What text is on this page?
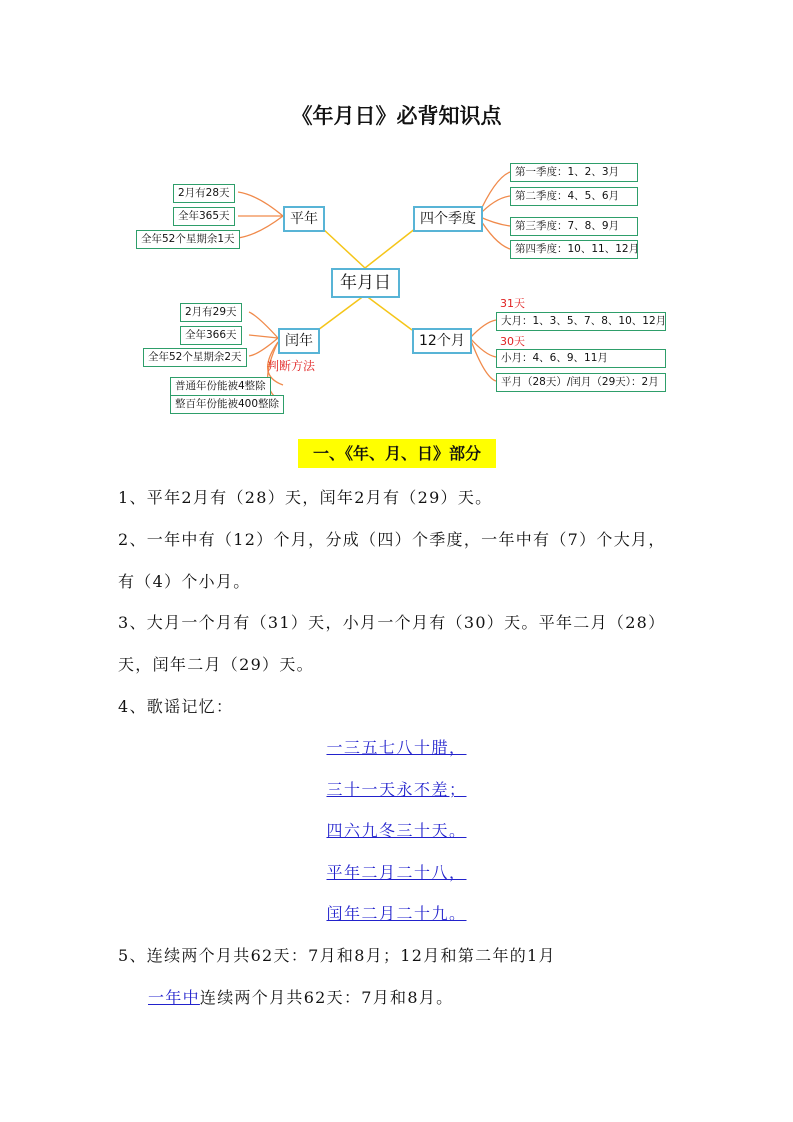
《年月日》必背知识点
年月日
平年
2月有28天
全年365天
全年52个星期余1天
四个季度
第一季度：1、2、3月
第二季度：4、5、6月
第三季度：7、8、9月
第四季度：10、11、12月
闰年
2月有29天
全年366天
全年52个星期余2天
判断方法
普通年份能被4整除
整百年份能被400整除
12个月
31天
大月：1、3、5、7、8、10、12月
30天
小月：4、6、9、11月
平月（28天）/闰月（29天）：2月
一、《年、月、日》部分
1、平年2月有（28）天，闰年2月有（29）天。
2、一年中有（12）个月，分成（四）个季度，一年中有（7）个大月，
有（4）个小月。
3、大月一个月有（31）天，小月一个月有（30）天。平年二月（28）
天，闰年二月（29）天。
4、歌谣记忆：
一三五七八十腊，
三十一天永不差；
四六九冬三十天。
平年二月二十八，
闰年二月二十九。
5、连续两个月共62天：7月和8月；12月和第二年的1月
一年中连续两个月共62天：7月和8月。
